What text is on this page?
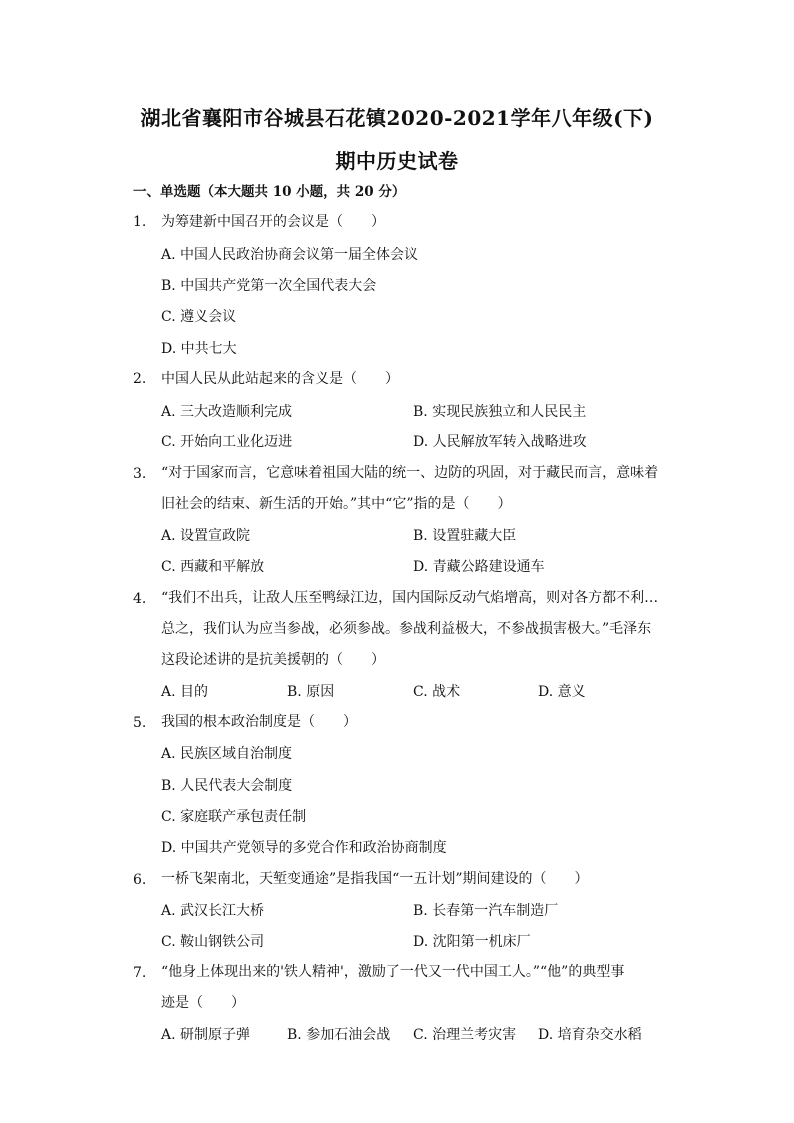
湖北省襄阳市谷城县石花镇2020-2021学年八年级(下)
期中历史试卷
一、单选题（本大题共 10 小题，共 20 分）
1. 为筹建新中国召开的会议是（　　）
A. 中国人民政治协商会议第一届全体会议
B. 中国共产党第一次全国代表大会
C. 遵义会议
D. 中共七大
2. 中国人民从此站起来的含义是（　　）
A. 三大改造顺利完成	B. 实现民族独立和人民民主
C. 开始向工业化迈进	D. 人民解放军转入战略进攻
3. “对于国家而言，它意味着祖国大陆的统一、边防的巩固，对于藏民而言，意味着
旧社会的结束、新生活的开始。”其中“它”指的是（　　）
A. 设置宣政院	B. 设置驻藏大臣
C. 西藏和平解放	D. 青藏公路建设通车
4. “我们不出兵，让敌人压至鸭绿江边，国内国际反动气焰增高，则对各方都不利…
总之，我们认为应当参战，必须参战。参战利益极大，不参战损害极大。”毛泽东
这段论述讲的是抗美援朝的（　　）
A. 目的	B. 原因	C. 战术	D. 意义
5. 我国的根本政治制度是（　　）
A. 民族区域自治制度
B. 人民代表大会制度
C. 家庭联产承包责任制
D. 中国共产党领导的多党合作和政治协商制度
6. 一桥飞架南北，天堑变通途”是指我国“一五计划”期间建设的（　　）
A. 武汉长江大桥	B. 长春第一汽车制造厂
C. 鞍山钢铁公司	D. 沈阳第一机床厂
7. “他身上体现出来的'铁人精神'，激励了一代又一代中国工人。”“他”的典型事
迹是（　　）
A. 研制原子弹	B. 参加石油会战 C. 治理兰考灾害 D. 培育杂交水稻
